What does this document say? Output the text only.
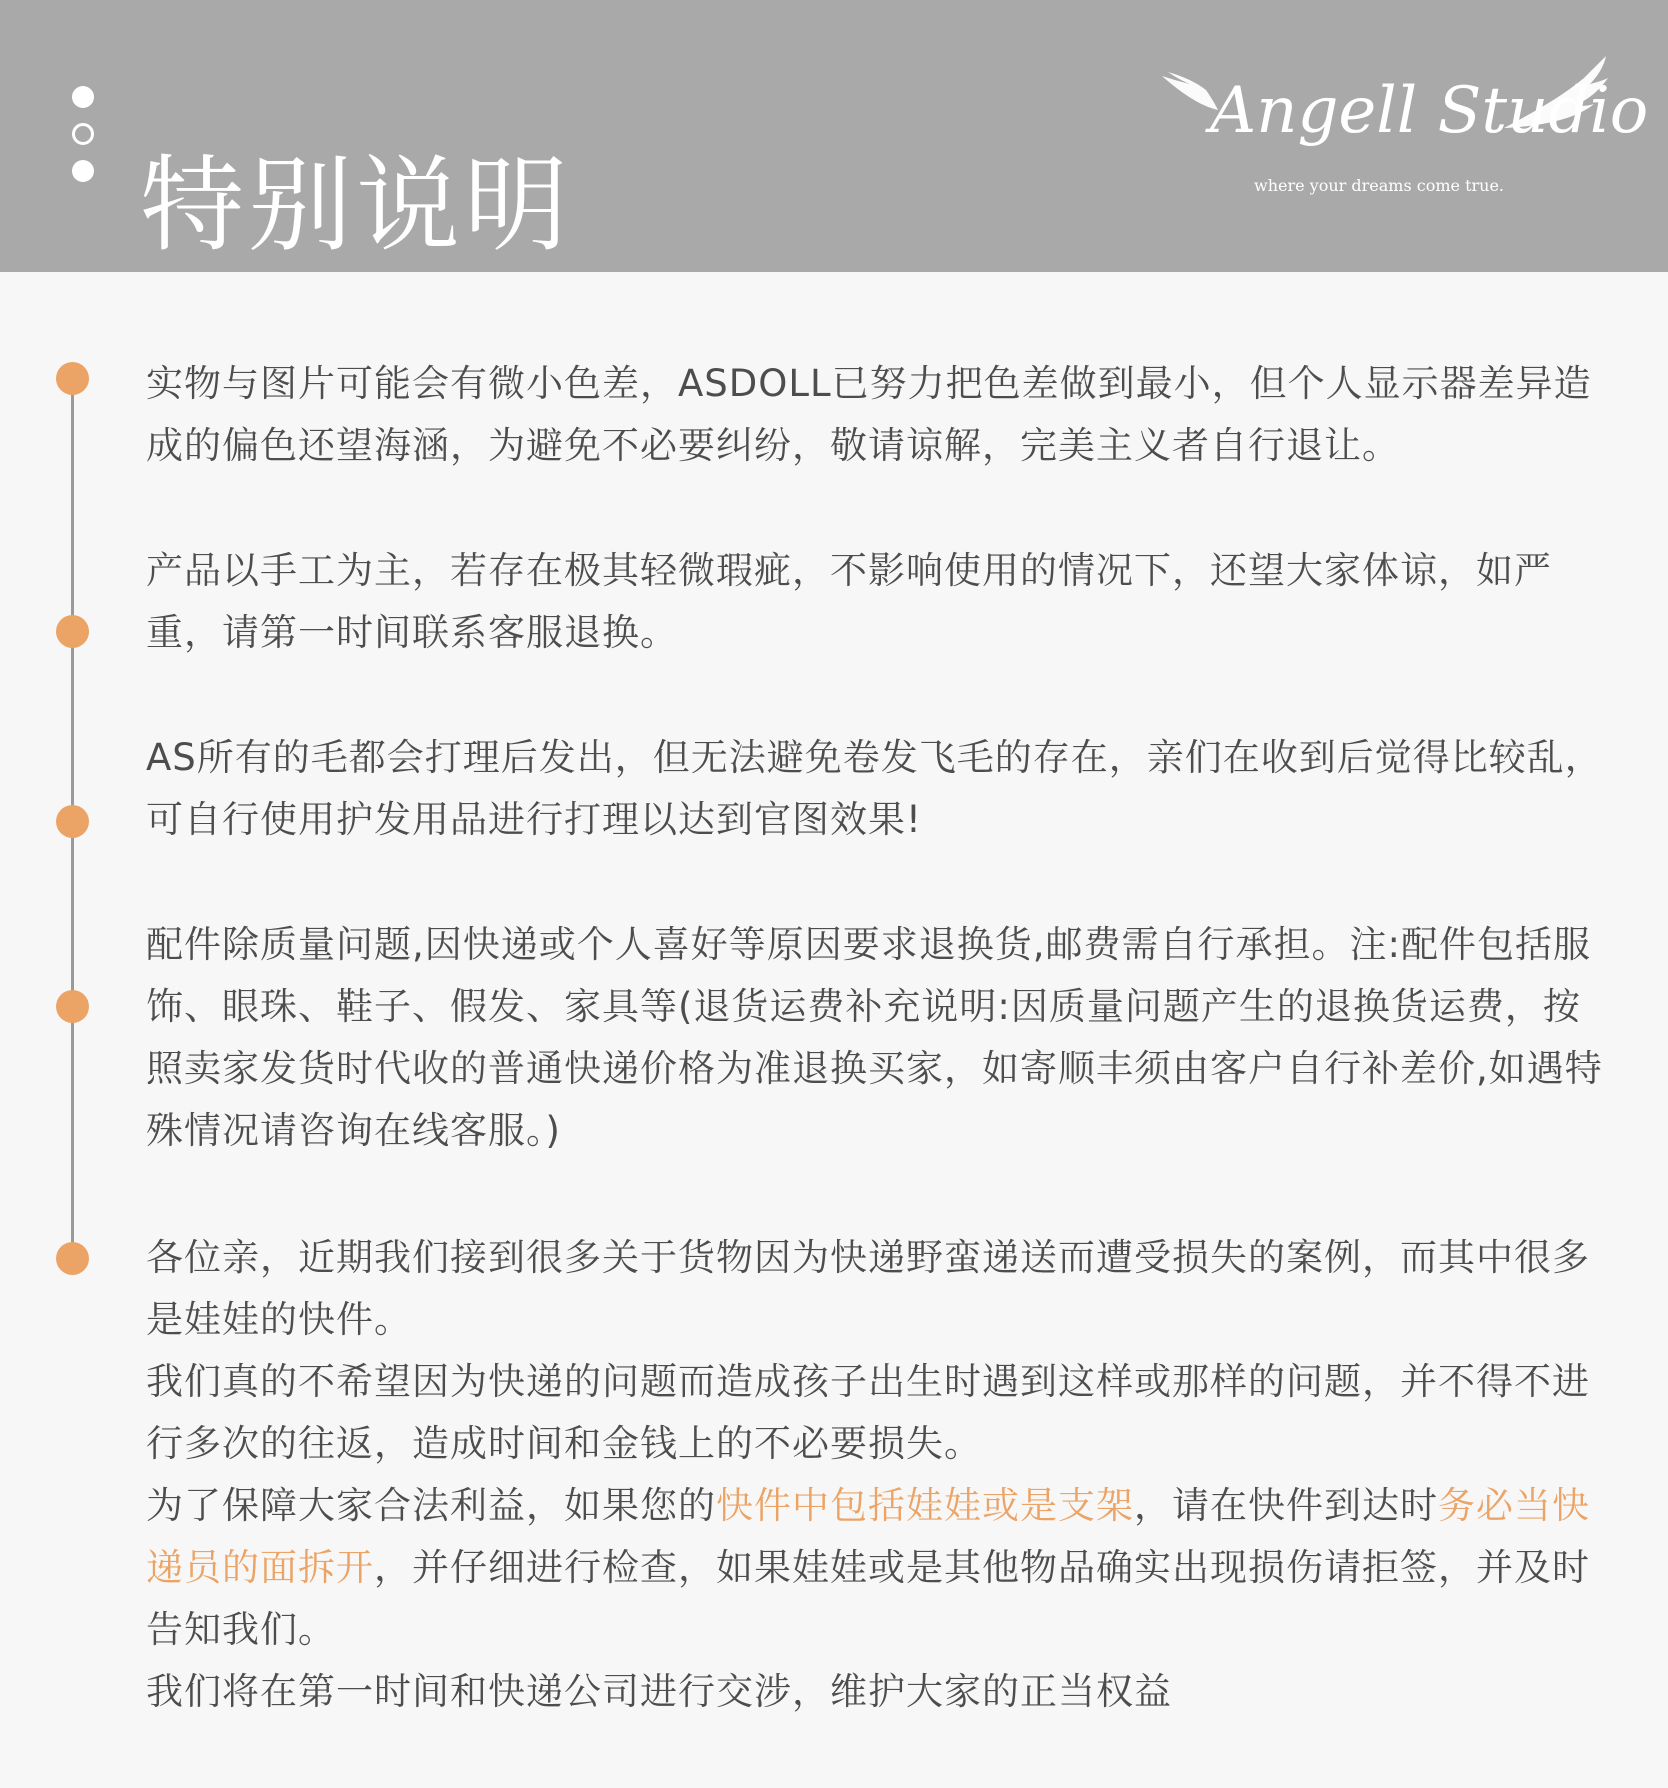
特别说明
Angell Studio
where your dreams come true.

实物与图片可能会有微小色差，ASDOLL已努力把色差做到最小，但个人显示器差异造成的偏色还望海涵，为避免不必要纠纷，敬请谅解，完美主义者自行退让。

产品以手工为主，若存在极其轻微瑕疵，不影响使用的情况下，还望大家体谅，如严重，请第一时间联系客服退换。

AS所有的毛都会打理后发出，但无法避免卷发飞毛的存在，亲们在收到后觉得比较乱，可自行使用护发用品进行打理以达到官图效果!

配件除质量问题,因快递或个人喜好等原因要求退换货,邮费需自行承担。注:配件包括服饰、眼珠、鞋子、假发、家具等(退货运费补充说明:因质量问题产生的退换货运费，按照卖家发货时代收的普通快递价格为准退换买家，如寄顺丰须由客户自行补差价,如遇特殊情况请咨询在线客服。)

各位亲，近期我们接到很多关于货物因为快递野蛮递送而遭受损失的案例，而其中很多是娃娃的快件。
我们真的不希望因为快递的问题而造成孩子出生时遇到这样或那样的问题，并不得不进行多次的往返，造成时间和金钱上的不必要损失。
为了保障大家合法利益，如果您的快件中包括娃娃或是支架，请在快件到达时务必当快递员的面拆开，并仔细进行检查，如果娃娃或是其他物品确实出现损伤请拒签，并及时告知我们。
我们将在第一时间和快递公司进行交涉，维护大家的正当权益
